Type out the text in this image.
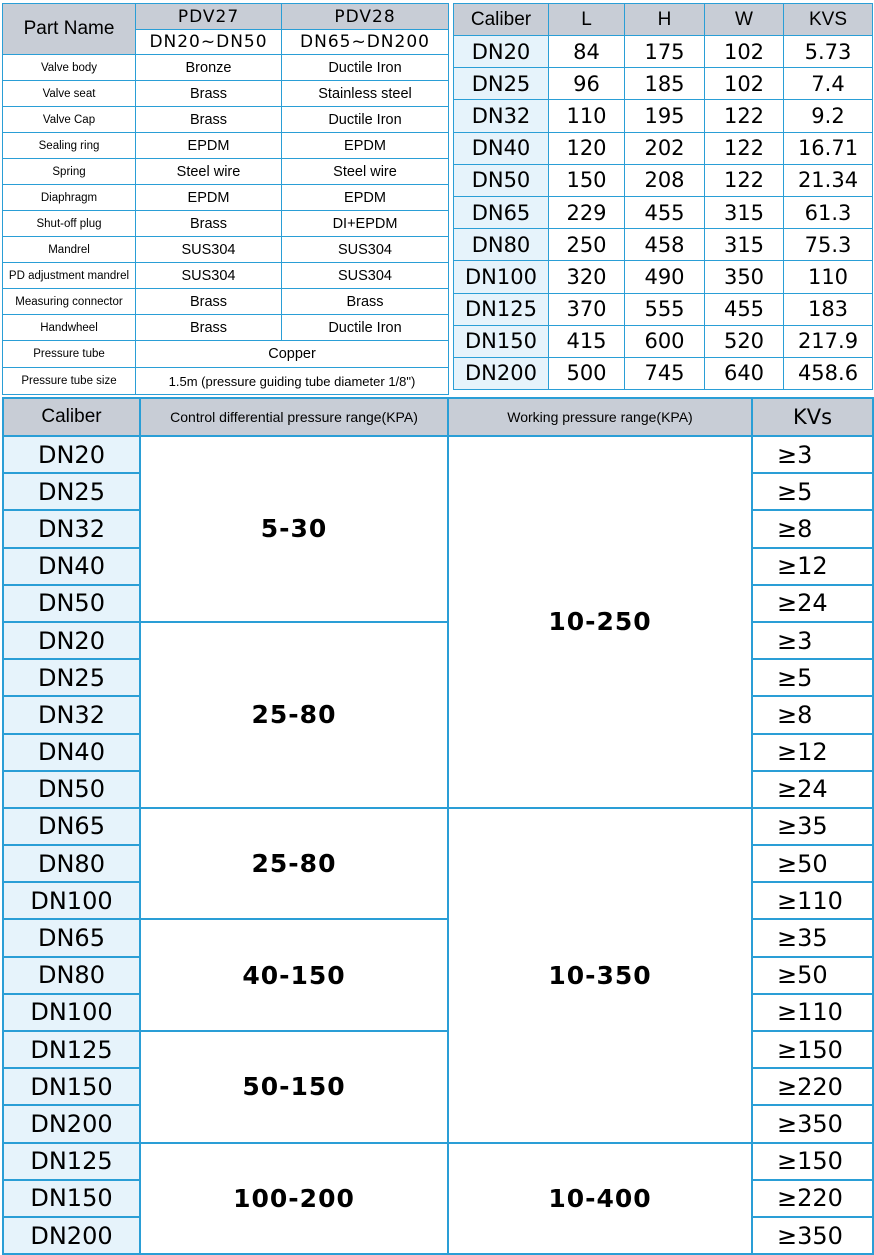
Part Name	PDV27	PDV28
	DN20~DN50	DN65~DN200
Valve body	Bronze	Ductile Iron
Valve seat	Brass	Stainless steel
Valve Cap	Brass	Ductile Iron
Sealing ring	EPDM	EPDM
Spring	Steel wire	Steel wire
Diaphragm	EPDM	EPDM
Shut-off plug	Brass	DI+EPDM
Mandrel	SUS304	SUS304
PD adjustment mandrel	SUS304	SUS304
Measuring connector	Brass	Brass
Handwheel	Brass	Ductile Iron
Pressure tube	Copper	
Pressure tube size	1.5m (pressure guiding tube diameter 1/8")	
Caliber	L	H	W	KVS
DN20	84	175	102	5.73
DN25	96	185	102	7.4
DN32	110	195	122	9.2
DN40	120	202	122	16.71
DN50	150	208	122	21.34
DN65	229	455	315	61.3
DN80	250	458	315	75.3
DN100	320	490	350	110
DN125	370	555	455	183
DN150	415	600	520	217.9
DN200	500	745	640	458.6
Caliber	Control differential pressure range(KPA)	Working pressure range(KPA)	KVs
DN20	5-30	10-250	≥3
DN25			≥5
DN32			≥8
DN40			≥12
DN50			≥24
DN20	25-80		≥3
DN25			≥5
DN32			≥8
DN40			≥12
DN50			≥24
DN65	25-80	10-350	≥35
DN80			≥50
DN100			≥110
DN65	40-150		≥35
DN80			≥50
DN100			≥110
DN125	50-150		≥150
DN150			≥220
DN200			≥350
DN125	100-200	10-400	≥150
DN150			≥220
DN200			≥350
